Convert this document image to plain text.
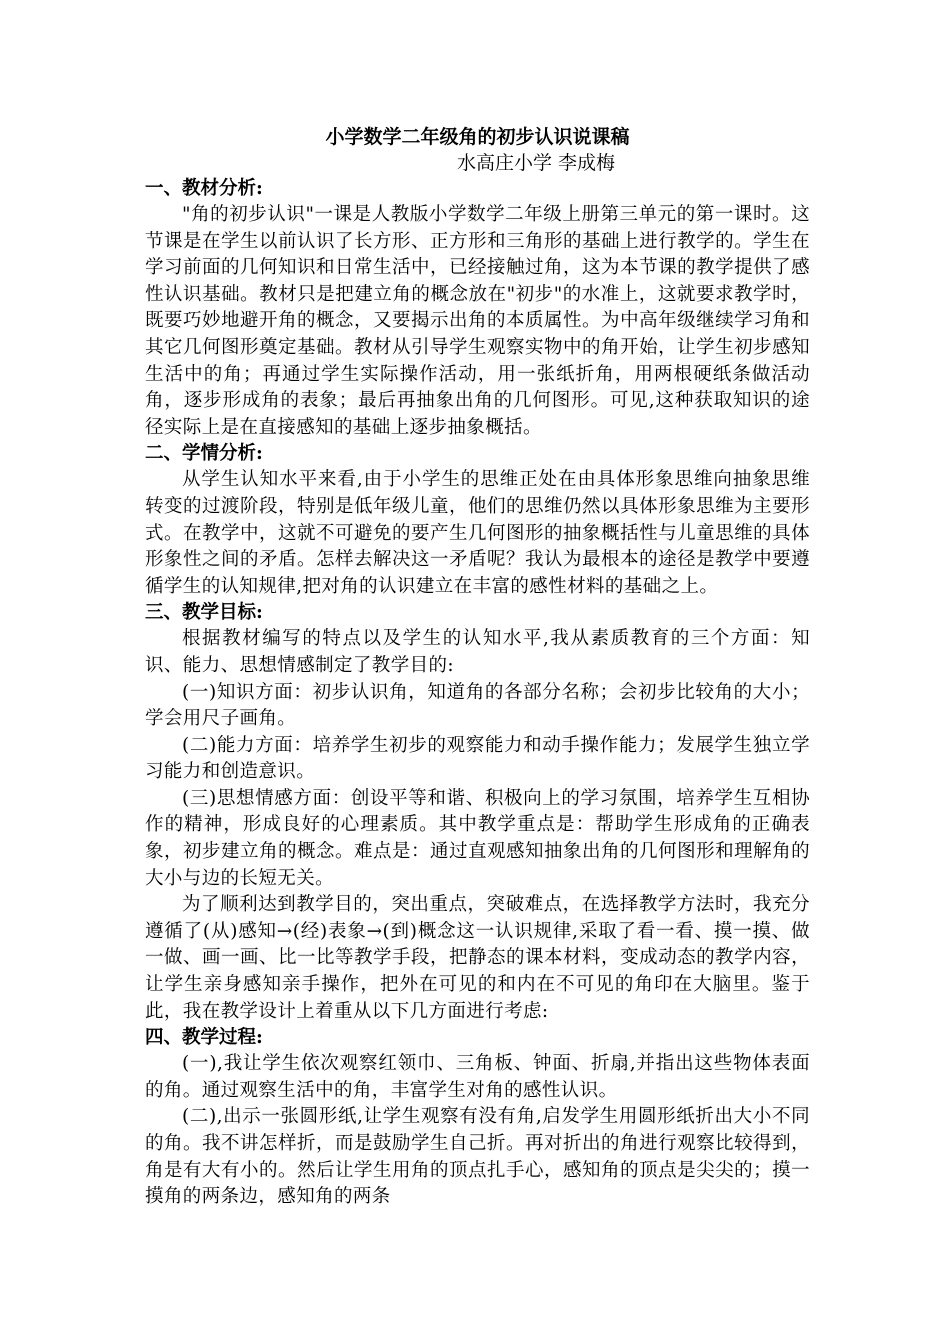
小学数学二年级角的初步认识说课稿

水高庄小学 李成梅

一、教材分析:

"角的初步认识"一课是人教版小学数学二年级上册第三单元的第一课时。这节课是在学生以前认识了长方形、正方形和三角形的基础上进行教学的。学生在学习前面的几何知识和日常生活中，已经接触过角，这为本节课的教学提供了感性认识基础。教材只是把建立角的概念放在"初步"的水准上，这就要求教学时，既要巧妙地避开角的概念，又要揭示出角的本质属性。为中高年级继续学习角和其它几何图形奠定基础。教材从引导学生观察实物中的角开始，让学生初步感知生活中的角；再通过学生实际操作活动，用一张纸折角，用两根硬纸条做活动角，逐步形成角的表象；最后再抽象出角的几何图形。可见,这种获取知识的途径实际上是在直接感知的基础上逐步抽象概括。

二、学情分析:

从学生认知水平来看,由于小学生的思维正处在由具体形象思维向抽象思维转变的过渡阶段，特别是低年级儿童，他们的思维仍然以具体形象思维为主要形式。在教学中，这就不可避免的要产生几何图形的抽象概括性与儿童思维的具体形象性之间的矛盾。怎样去解决这一矛盾呢？我认为最根本的途径是教学中要遵循学生的认知规律,把对角的认识建立在丰富的感性材料的基础之上。

三、教学目标:

根据教材编写的特点以及学生的认知水平,我从素质教育的三个方面：知识、能力、思想情感制定了教学目的:

(一)知识方面：初步认识角，知道角的各部分名称；会初步比较角的大小；学会用尺子画角。

(二)能力方面：培养学生初步的观察能力和动手操作能力；发展学生独立学习能力和创造意识。

(三)思想情感方面：创设平等和谐、积极向上的学习氛围，培养学生互相协作的精神，形成良好的心理素质。其中教学重点是：帮助学生形成角的正确表象，初步建立角的概念。难点是：通过直观感知抽象出角的几何图形和理解角的大小与边的长短无关。

为了顺利达到教学目的，突出重点，突破难点，在选择教学方法时，我充分遵循了(从)感知→(经)表象→(到)概念这一认识规律,采取了看一看、摸一摸、做一做、画一画、比一比等教学手段，把静态的课本材料，变成动态的教学内容，让学生亲身感知亲手操作，把外在可见的和内在不可见的角印在大脑里。鉴于此，我在教学设计上着重从以下几方面进行考虑:

四、教学过程:

(一),我让学生依次观察红领巾、三角板、钟面、折扇,并指出这些物体表面的角。通过观察生活中的角，丰富学生对角的感性认识。

(二),出示一张圆形纸,让学生观察有没有角,启发学生用圆形纸折出大小不同的角。我不讲怎样折，而是鼓励学生自己折。再对折出的角进行观察比较得到，角是有大有小的。然后让学生用角的顶点扎手心，感知角的顶点是尖尖的；摸一摸角的两条边，感知角的两条
